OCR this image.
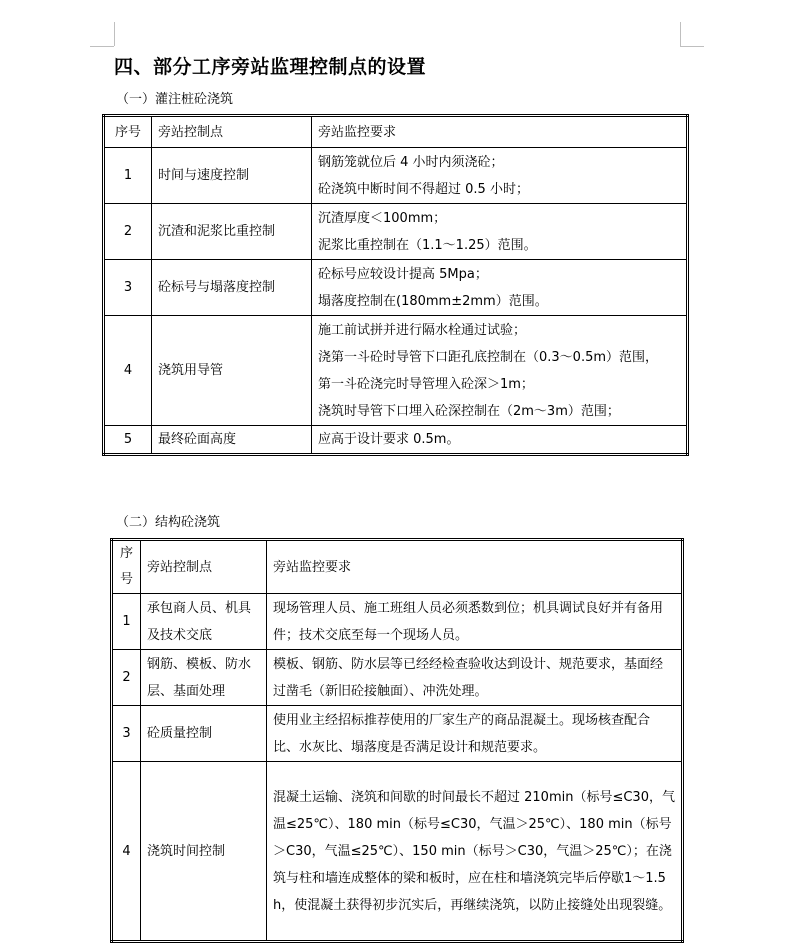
四、部分工序旁站监理控制点的设置
（一）灌注桩砼浇筑
序号	旁站控制点	旁站监控要求
1	时间与速度控制	钢筋笼就位后 4 小时内须浇砼；
砼浇筑中断时间不得超过 0.5 小时；

2	沉渣和泥浆比重控制	沉渣厚度＜100mm；
泥浆比重控制在（1.1～1.25）范围。

3	砼标号与塌落度控制	砼标号应较设计提高 5Mpa；
塌落度控制在(180mm±2mm）范围。

4	浇筑用导管	施工前试拼并进行隔水栓通过试验；
浇第一斗砼时导管下口距孔底控制在（0.3～0.5m）范围，
第一斗砼浇完时导管埋入砼深＞1m；
浇筑时导管下口埋入砼深控制在（2m～3m）范围；

5	最终砼面高度	应高于设计要求 0.5m。
（二）结构砼浇筑
序号	旁站控制点	旁站监控要求
1	承包商人员、机具及技术交底	现场管理人员、施工班组人员必须悉数到位；机具调试良好并有备用件；技术交底至每一个现场人员。
2	钢筋、模板、防水层、基面处理	模板、钢筋、防水层等已经经检查验收达到设计、规范要求，基面经过凿毛（新旧砼接触面）、冲洗处理。
3	砼质量控制	使用业主经招标推荐使用的厂家生产的商品混凝土。现场核查配合比、水灰比、塌落度是否满足设计和规范要求。
4	浇筑时间控制	混凝土运输、浇筑和间歇的时间最长不超过 210min（标号≤C30，气温≤25℃）、180 min（标号≤C30，气温＞25℃）、180 min（标号＞C30，气温≤25℃）、150 min（标号＞C30，气温＞25℃）；在浇筑与柱和墙连成整体的梁和板时，应在柱和墙浇筑完毕后停歇1～1.5h，使混凝土获得初步沉实后，再继续浇筑，以防止接缝处出现裂缝。
